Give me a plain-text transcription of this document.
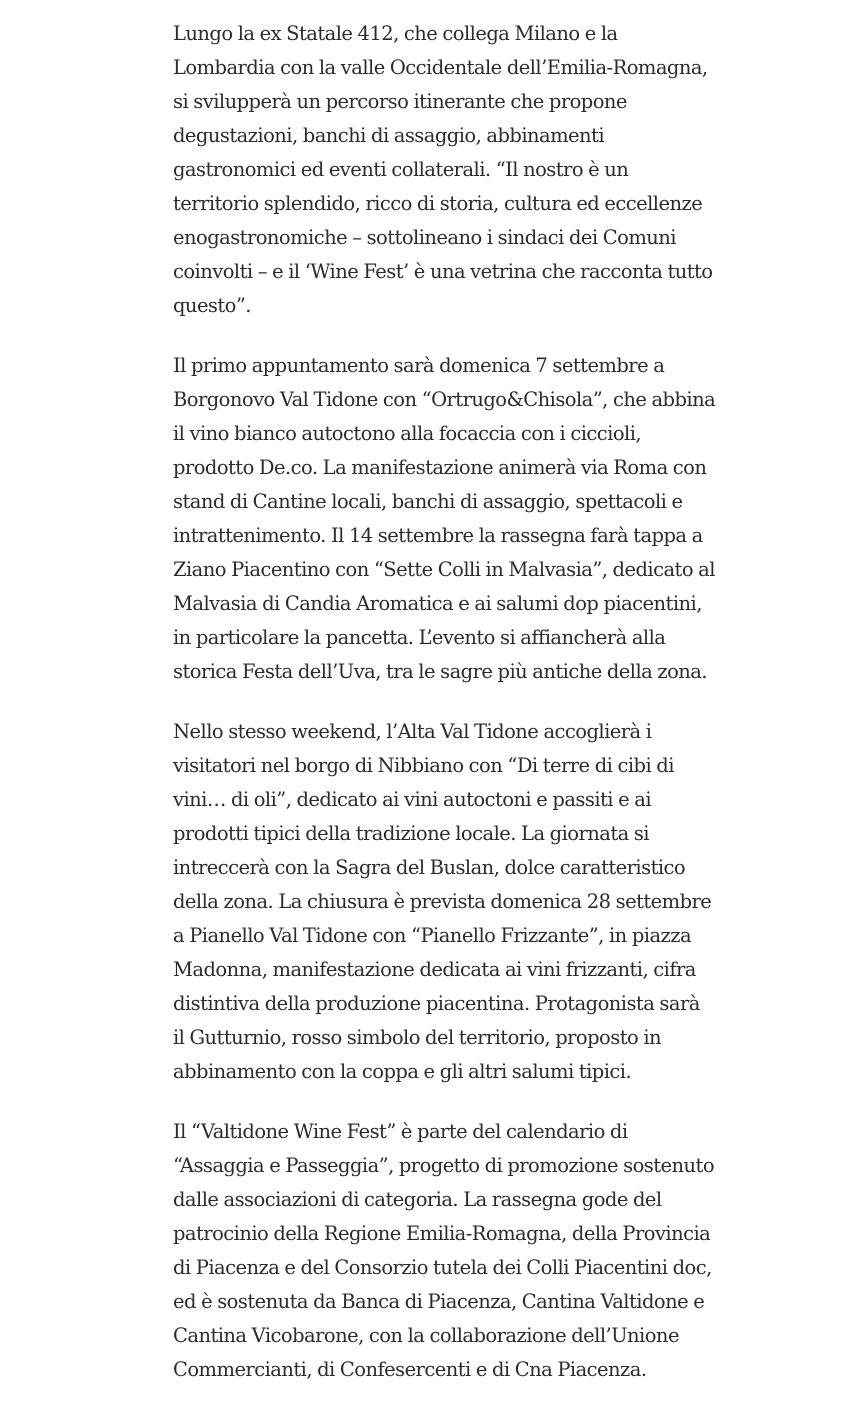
Lungo la ex Statale 412, che collega Milano e la
Lombardia con la valle Occidentale dell’Emilia-Romagna,
si svilupperà un percorso itinerante che propone
degustazioni, banchi di assaggio, abbinamenti
gastronomici ed eventi collaterali. “Il nostro è un
territorio splendido, ricco di storia, cultura ed eccellenze
enogastronomiche – sottolineano i sindaci dei Comuni
coinvolti – e il ‘Wine Fest’ è una vetrina che racconta tutto
questo”.

Il primo appuntamento sarà domenica 7 settembre a
Borgonovo Val Tidone con “Ortrugo&Chisola”, che abbina
il vino bianco autoctono alla focaccia con i ciccioli,
prodotto De.co. La manifestazione animerà via Roma con
stand di Cantine locali, banchi di assaggio, spettacoli e
intrattenimento. Il 14 settembre la rassegna farà tappa a
Ziano Piacentino con “Sette Colli in Malvasia”, dedicato al
Malvasia di Candia Aromatica e ai salumi dop piacentini,
in particolare la pancetta. L’evento si affiancherà alla
storica Festa dell’Uva, tra le sagre più antiche della zona.

Nello stesso weekend, l’Alta Val Tidone accoglierà i
visitatori nel borgo di Nibbiano con “Di terre di cibi di
vini… di oli”, dedicato ai vini autoctoni e passiti e ai
prodotti tipici della tradizione locale. La giornata si
intreccerà con la Sagra del Buslan, dolce caratteristico
della zona. La chiusura è prevista domenica 28 settembre
a Pianello Val Tidone con “Pianello Frizzante”, in piazza
Madonna, manifestazione dedicata ai vini frizzanti, cifra
distintiva della produzione piacentina. Protagonista sarà
il Gutturnio, rosso simbolo del territorio, proposto in
abbinamento con la coppa e gli altri salumi tipici.

Il “Valtidone Wine Fest” è parte del calendario di
“Assaggia e Passeggia”, progetto di promozione sostenuto
dalle associazioni di categoria. La rassegna gode del
patrocinio della Regione Emilia-Romagna, della Provincia
di Piacenza e del Consorzio tutela dei Colli Piacentini doc,
ed è sostenuta da Banca di Piacenza, Cantina Valtidone e
Cantina Vicobarone, con la collaborazione dell’Unione
Commercianti, di Confesercenti e di Cna Piacenza.
